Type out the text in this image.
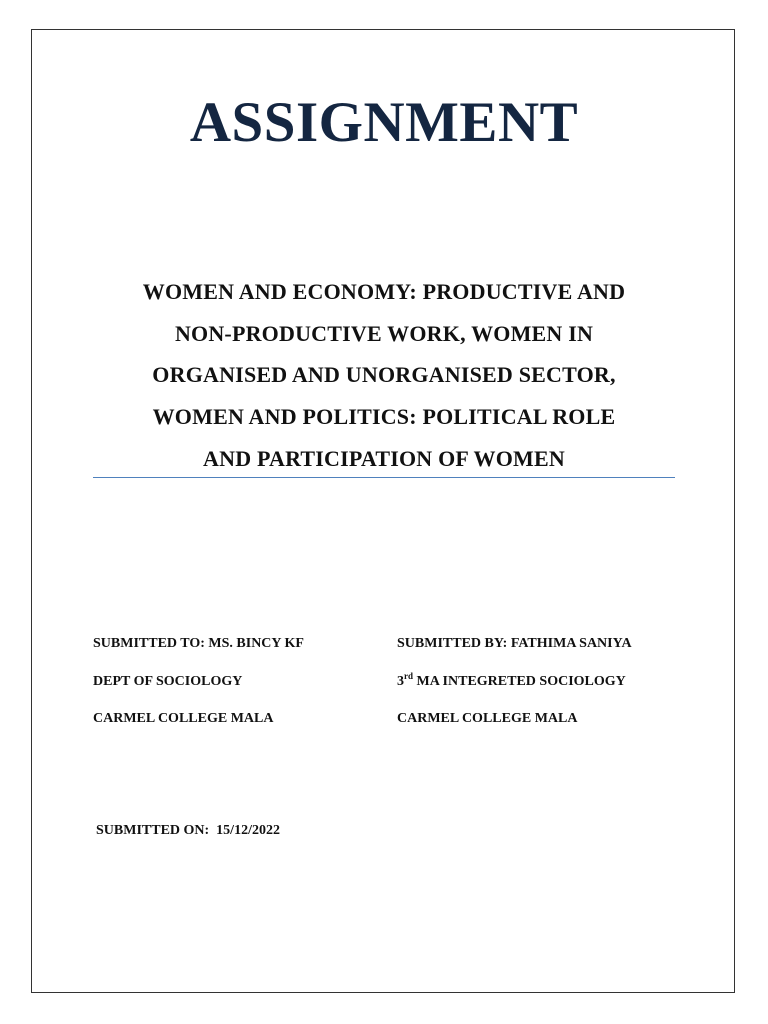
ASSIGNMENT
WOMEN AND ECONOMY: PRODUCTIVE AND
NON-PRODUCTIVE WORK, WOMEN IN
ORGANISED AND UNORGANISED SECTOR,
WOMEN AND POLITICS: POLITICAL ROLE
AND PARTICIPATION OF WOMEN
SUBMITTED TO: MS. BINCY KF
DEPT OF SOCIOLOGY
CARMEL COLLEGE MALA
SUBMITTED BY: FATHIMA SANIYA
3rd MA INTEGRETED SOCIOLOGY
CARMEL COLLEGE MALA
SUBMITTED ON:  15/12/2022
